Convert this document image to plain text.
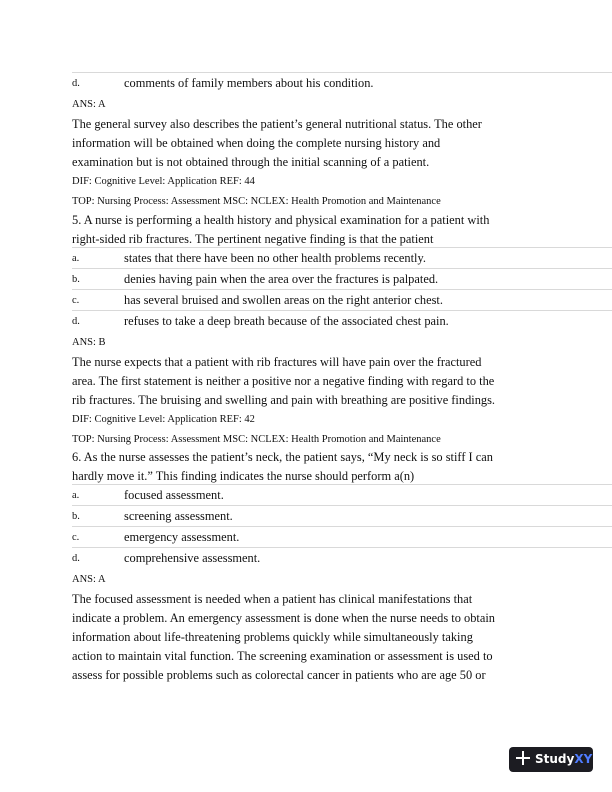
d.	comments of family members about his condition.
ANS: A
The general survey also describes the patient’s general nutritional status. The other
information will be obtained when doing the complete nursing history and
examination but is not obtained through the initial scanning of a patient.
DIF: Cognitive Level: Application REF: 44
TOP: Nursing Process: Assessment MSC: NCLEX: Health Promotion and Maintenance
5. A nurse is performing a health history and physical examination for a patient with
right-sided rib fractures. The pertinent negative finding is that the patient
a.	states that there have been no other health problems recently.
b.	denies having pain when the area over the fractures is palpated.
c.	has several bruised and swollen areas on the right anterior chest.
d.	refuses to take a deep breath because of the associated chest pain.
ANS: B
The nurse expects that a patient with rib fractures will have pain over the fractured
area. The first statement is neither a positive nor a negative finding with regard to the
rib fractures. The bruising and swelling and pain with breathing are positive findings.
DIF: Cognitive Level: Application REF: 42
TOP: Nursing Process: Assessment MSC: NCLEX: Health Promotion and Maintenance
6. As the nurse assesses the patient’s neck, the patient says, “My neck is so stiff I can
hardly move it.” This finding indicates the nurse should perform a(n)
a.	focused assessment.
b.	screening assessment.
c.	emergency assessment.
d.	comprehensive assessment.
ANS: A
The focused assessment is needed when a patient has clinical manifestations that
indicate a problem. An emergency assessment is done when the nurse needs to obtain
information about life-threatening problems quickly while simultaneously taking
action to maintain vital function. The screening examination or assessment is used to
assess for possible problems such as colorectal cancer in patients who are age 50 or
StudyXY
